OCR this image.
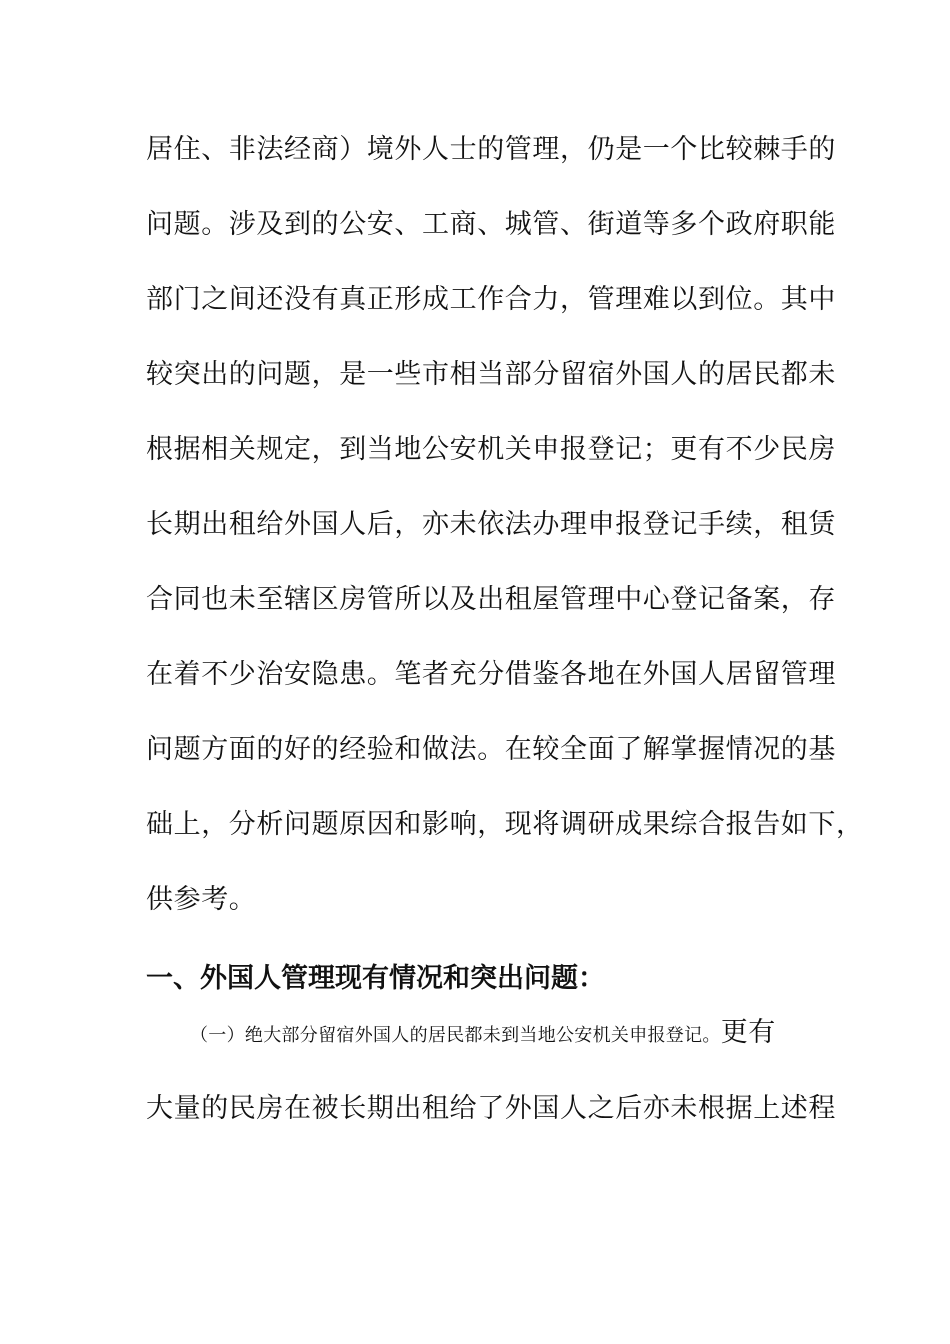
居住、非法经商）境外人士的管理，仍是一个比较棘手的
问题。涉及到的公安、工商、城管、街道等多个政府职能
部门之间还没有真正形成工作合力，管理难以到位。其中
较突出的问题，是一些市相当部分留宿外国人的居民都未
根据相关规定，到当地公安机关申报登记；更有不少民房
长期出租给外国人后，亦未依法办理申报登记手续，租赁
合同也未至辖区房管所以及出租屋管理中心登记备案，存
在着不少治安隐患。笔者充分借鉴各地在外国人居留管理
问题方面的好的经验和做法。在较全面了解掌握情况的基
础上，分析问题原因和影响，现将调研成果综合报告如下，
供参考。
一、外国人管理现有情况和突出问题：
（一）绝大部分留宿外国人的居民都未到当地公安机关申报登记。更有
大量的民房在被长期出租给了外国人之后亦未根据上述程
